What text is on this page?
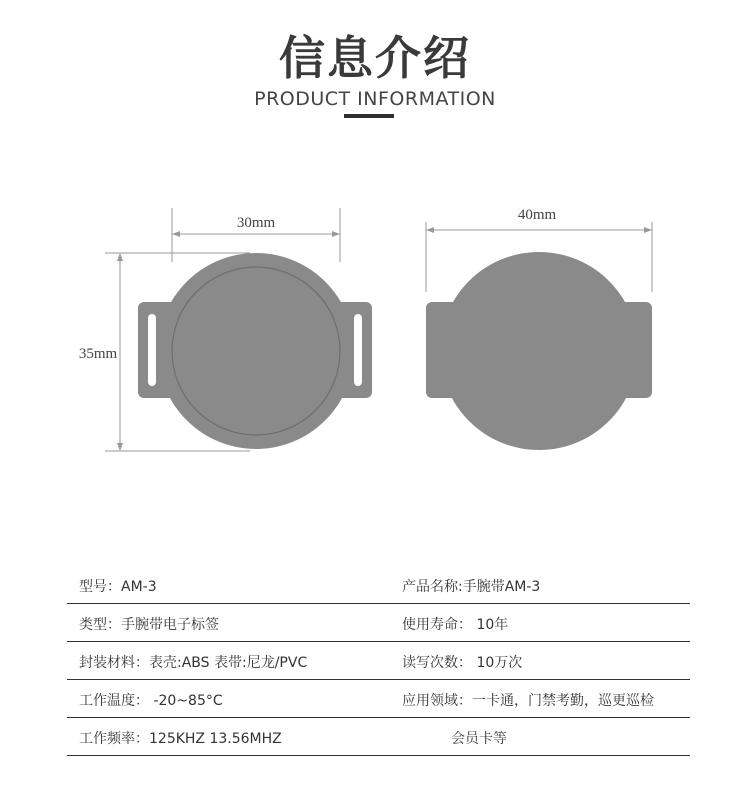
信息介绍
PRODUCT INFORMATION
30mm
35mm
40mm
型号：AM-3	产品名称:手腕带AM-3
类型：手腕带电子标签	使用寿命： 10年
封装材料：表壳:ABS 表带:尼龙/PVC	读写次数： 10万次
工作温度： -20~85°C	应用领域：一卡通，门禁考勤，巡更巡检
工作频率：125KHZ 13.56MHZ	会员卡等
